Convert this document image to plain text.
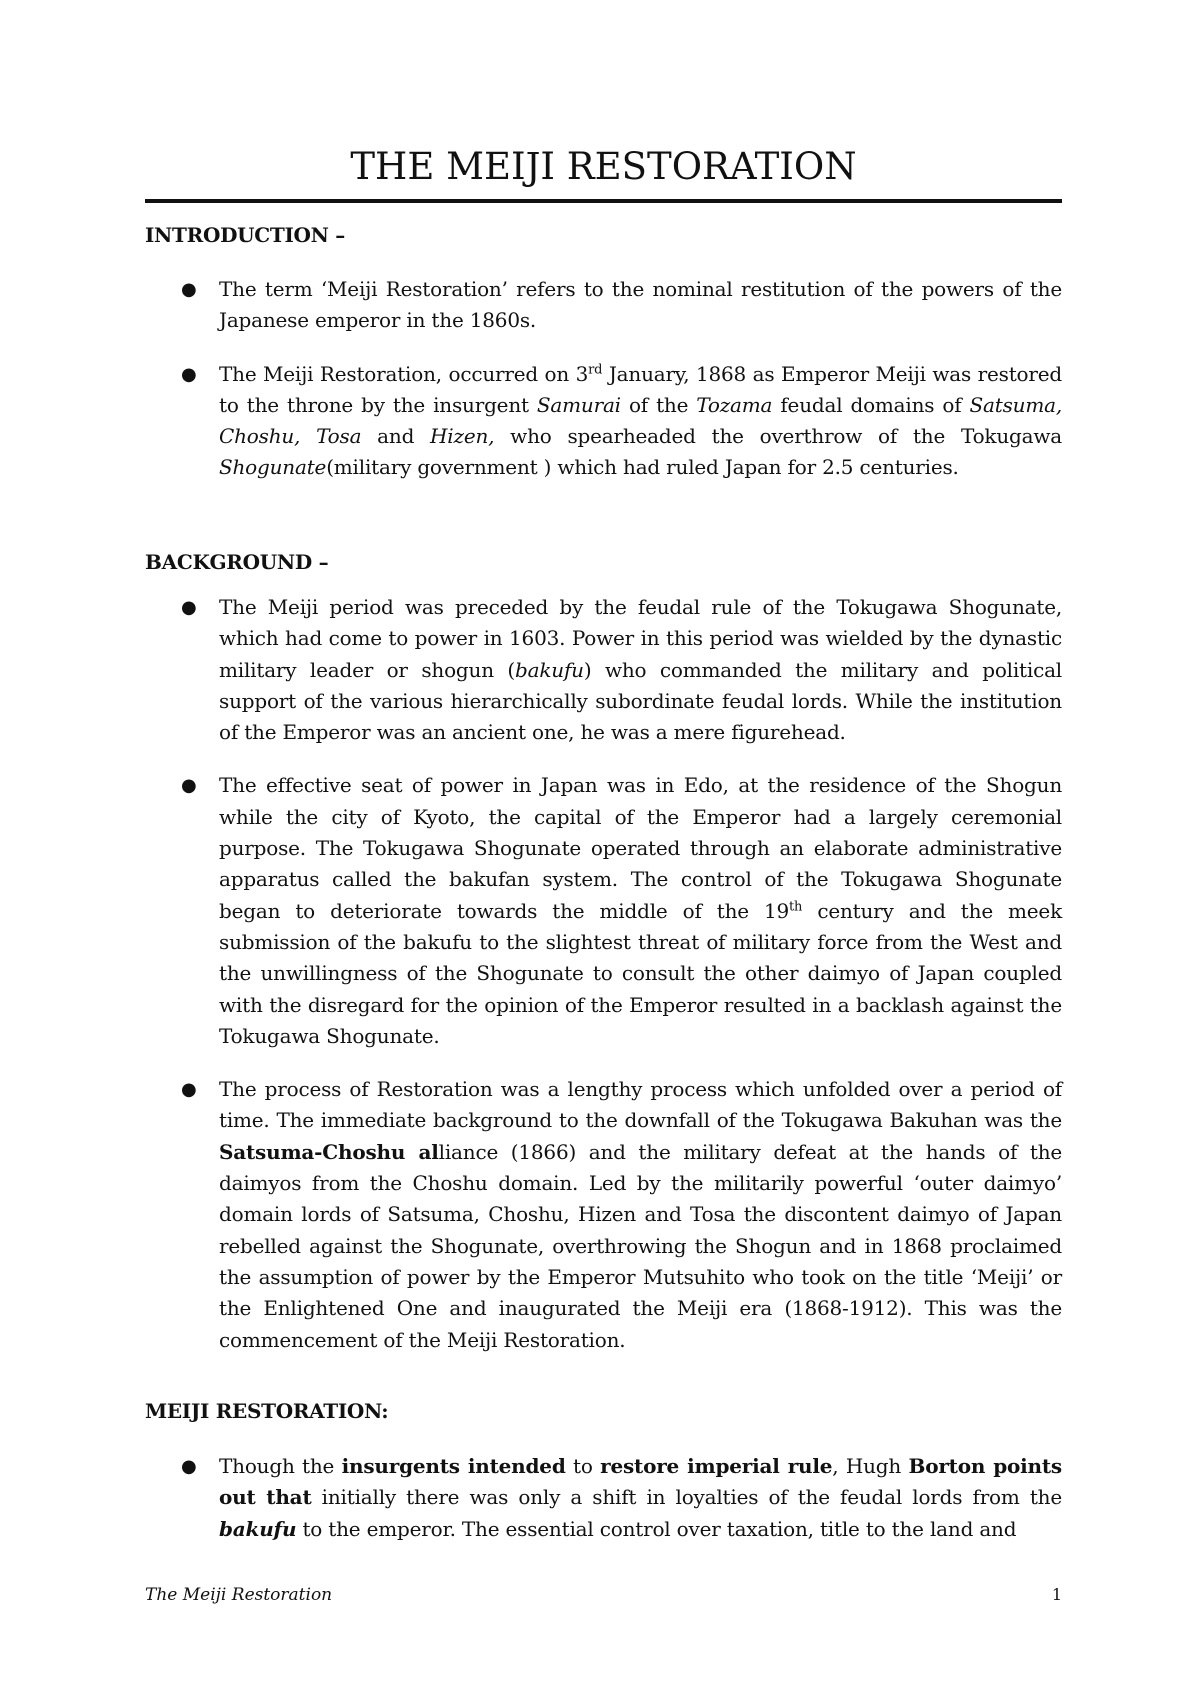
THE MEIJI RESTORATION
INTRODUCTION –
● The term ‘Meiji Restoration’ refers to the nominal restitution of the powers of the Japanese emperor in the 1860s.
● The Meiji Restoration, occurred on 3rd January, 1868 as Emperor Meiji was restored to the throne by the insurgent Samurai of the Tozama feudal domains of Satsuma, Choshu, Tosa and Hizen, who spearheaded the overthrow of the Tokugawa Shogunate(military government ) which had ruled Japan for 2.5 centuries.
BACKGROUND –
● The Meiji period was preceded by the feudal rule of the Tokugawa Shogunate, which had come to power in 1603. Power in this period was wielded by the dynastic military leader or shogun (bakufu) who commanded the military and political support of the various hierarchically subordinate feudal lords. While the institution of the Emperor was an ancient one, he was a mere figurehead.
● The effective seat of power in Japan was in Edo, at the residence of the Shogun while the city of Kyoto, the capital of the Emperor had a largely ceremonial purpose. The Tokugawa Shogunate operated through an elaborate administrative apparatus called the bakufan system. The control of the Tokugawa Shogunate began to deteriorate towards the middle of the 19th century and the meek submission of the bakufu to the slightest threat of military force from the West and the unwillingness of the Shogunate to consult the other daimyo of Japan coupled with the disregard for the opinion of the Emperor resulted in a backlash against the Tokugawa Shogunate.
● The process of Restoration was a lengthy process which unfolded over a period of time. The immediate background to the downfall of the Tokugawa Bakuhan was the Satsuma-Choshu alliance (1866) and the military defeat at the hands of the daimyos from the Choshu domain. Led by the militarily powerful ‘outer daimyo’ domain lords of Satsuma, Choshu, Hizen and Tosa the discontent daimyo of Japan rebelled against the Shogunate, overthrowing the Shogun and in 1868 proclaimed the assumption of power by the Emperor Mutsuhito who took on the title ‘Meiji’ or the Enlightened One and inaugurated the Meiji era (1868-1912). This was the commencement of the Meiji Restoration.
MEIJI RESTORATION:
● Though the insurgents intended to restore imperial rule, Hugh Borton points out that initially there was only a shift in loyalties of the feudal lords from the bakufu to the emperor. The essential control over taxation, title to the land and
The Meiji Restoration	1
